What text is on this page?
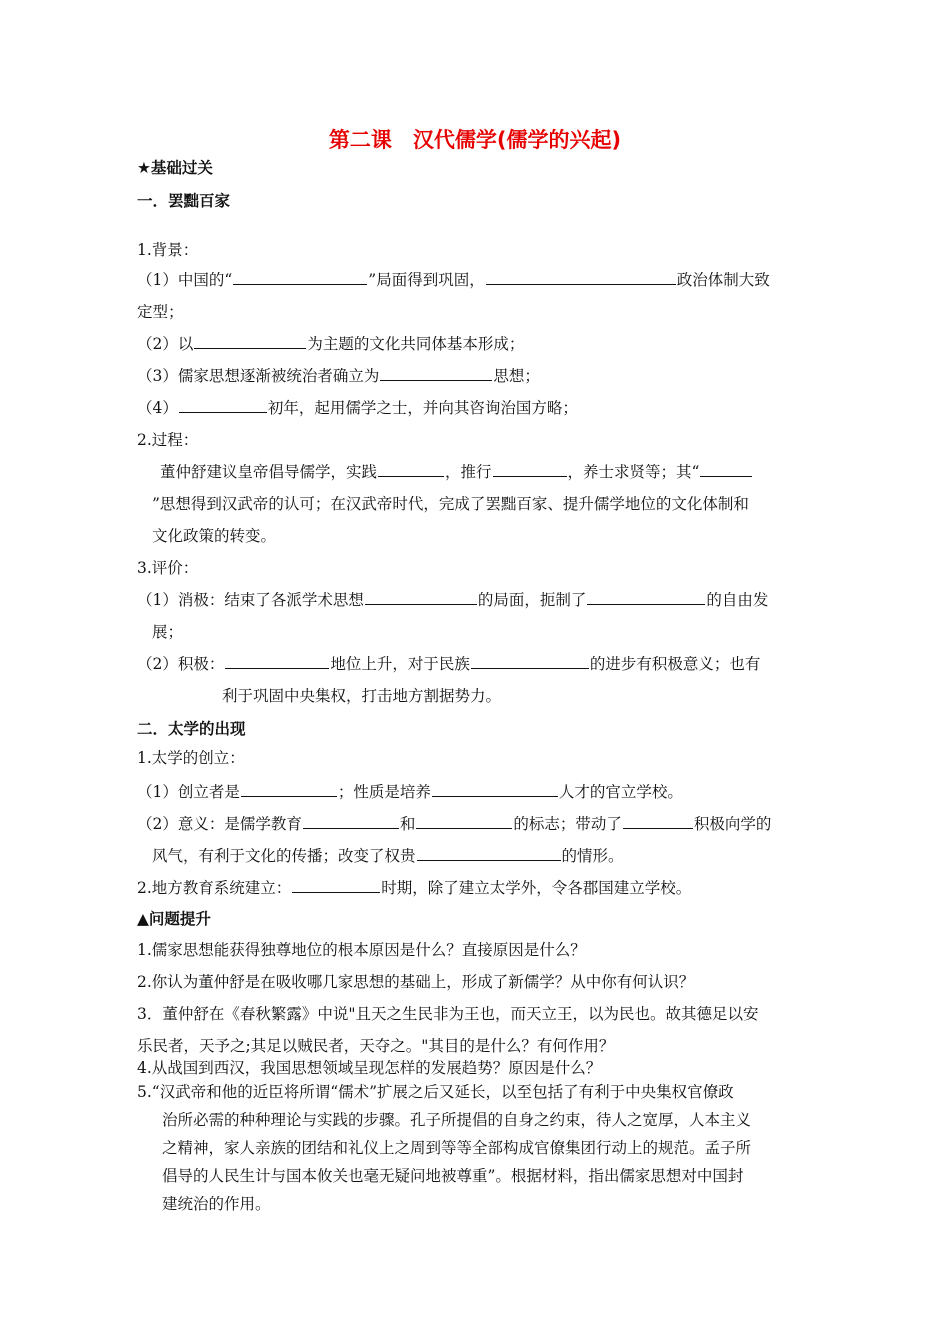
第二课　汉代儒学(儒学的兴起)
★基础过关
一．罢黜百家
1.背景：
（1）中国的“	”局面得到巩固，	政治体制大致
定型；
（2）以	为主题的文化共同体基本形成；
（3）儒家思想逐渐被统治者确立为	思想；
（4）	初年，起用儒学之士，并向其咨询治国方略；
2.过程：
董仲舒建议皇帝倡导儒学，实践	，推行	，养士求贤等；其“
”思想得到汉武帝的认可；在汉武帝时代，完成了罢黜百家、提升儒学地位的文化体制和
文化政策的转变。
3.评价：
（1）消极：结束了各派学术思想	的局面，扼制了	的自由发
展；
（2）积极：	地位上升，对于民族	的进步有积极意义；也有
利于巩固中央集权，打击地方割据势力。
二．太学的出现
1.太学的创立：
（1）创立者是	；性质是培养	人才的官立学校。
（2）意义：是儒学教育	和	的标志；带动了	积极向学的
风气，有利于文化的传播；改变了权贵	的情形。
2.地方教育系统建立：	时期，除了建立太学外，令各郡国建立学校。
▲问题提升
1.儒家思想能获得独尊地位的根本原因是什么？直接原因是什么？
2.你认为董仲舒是在吸收哪几家思想的基础上，形成了新儒学？从中你有何认识？
3．董仲舒在《春秋繁露》中说"且天之生民非为王也，而天立王，以为民也。故其德足以安
乐民者，天予之;其足以贼民者，天夺之。"其目的是什么？有何作用？
4.从战国到西汉，我国思想领域呈现怎样的发展趋势？原因是什么？
5.“汉武帝和他的近臣将所谓“儒术”扩展之后又延长，以至包括了有利于中央集权官僚政
治所必需的种种理论与实践的步骤。孔子所提倡的自身之约束，待人之宽厚，人本主义
之精神，家人亲族的团结和礼仪上之周到等等全部构成官僚集团行动上的规范。孟子所
倡导的人民生计与国本攸关也毫无疑问地被尊重”。根据材料，指出儒家思想对中国封
建统治的作用。
